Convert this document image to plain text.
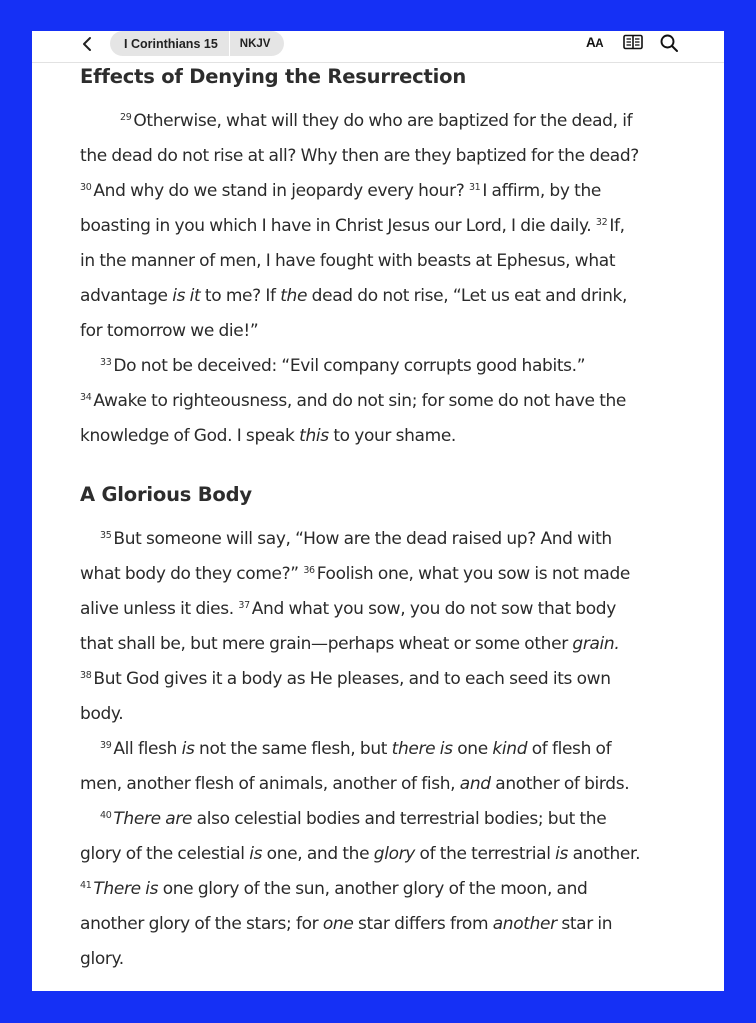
I Corinthians 15	NKJV	AA
Effects of Denying the Resurrection

$^{29}$ Otherwise, what will they do who are baptized for the dead, if
the dead do not rise at all? Why then are they baptized for the dead?
$^{30}$ And why do we stand in jeopardy every hour? $^{31}$ I affirm, by the
boasting in you which I have in Christ Jesus our Lord, I die daily. $^{32}$ If,
in the manner of men, I have fought with beasts at Ephesus, what
advantage is it to me? If the dead do not rise, “Let us eat and drink,
for tomorrow we die!”

$^{33}$ Do not be deceived: “Evil company corrupts good habits.”
$^{34}$ Awake to righteousness, and do not sin; for some do not have the
knowledge of God. I speak this to your shame.

A Glorious Body

$^{35}$ But someone will say, “How are the dead raised up? And with
what body do they come?” $^{36}$ Foolish one, what you sow is not made
alive unless it dies. $^{37}$ And what you sow, you do not sow that body
that shall be, but mere grain—perhaps wheat or some other grain.
$^{38}$ But God gives it a body as He pleases, and to each seed its own
body.

$^{39}$ All flesh is not the same flesh, but there is one kind of flesh of
men, another flesh of animals, another of fish, and another of birds.

$^{40}$ There are also celestial bodies and terrestrial bodies; but the
glory of the celestial is one, and the glory of the terrestrial is another.
$^{41}$ There is one glory of the sun, another glory of the moon, and
another glory of the stars; for one star differs from another star in
glory.
